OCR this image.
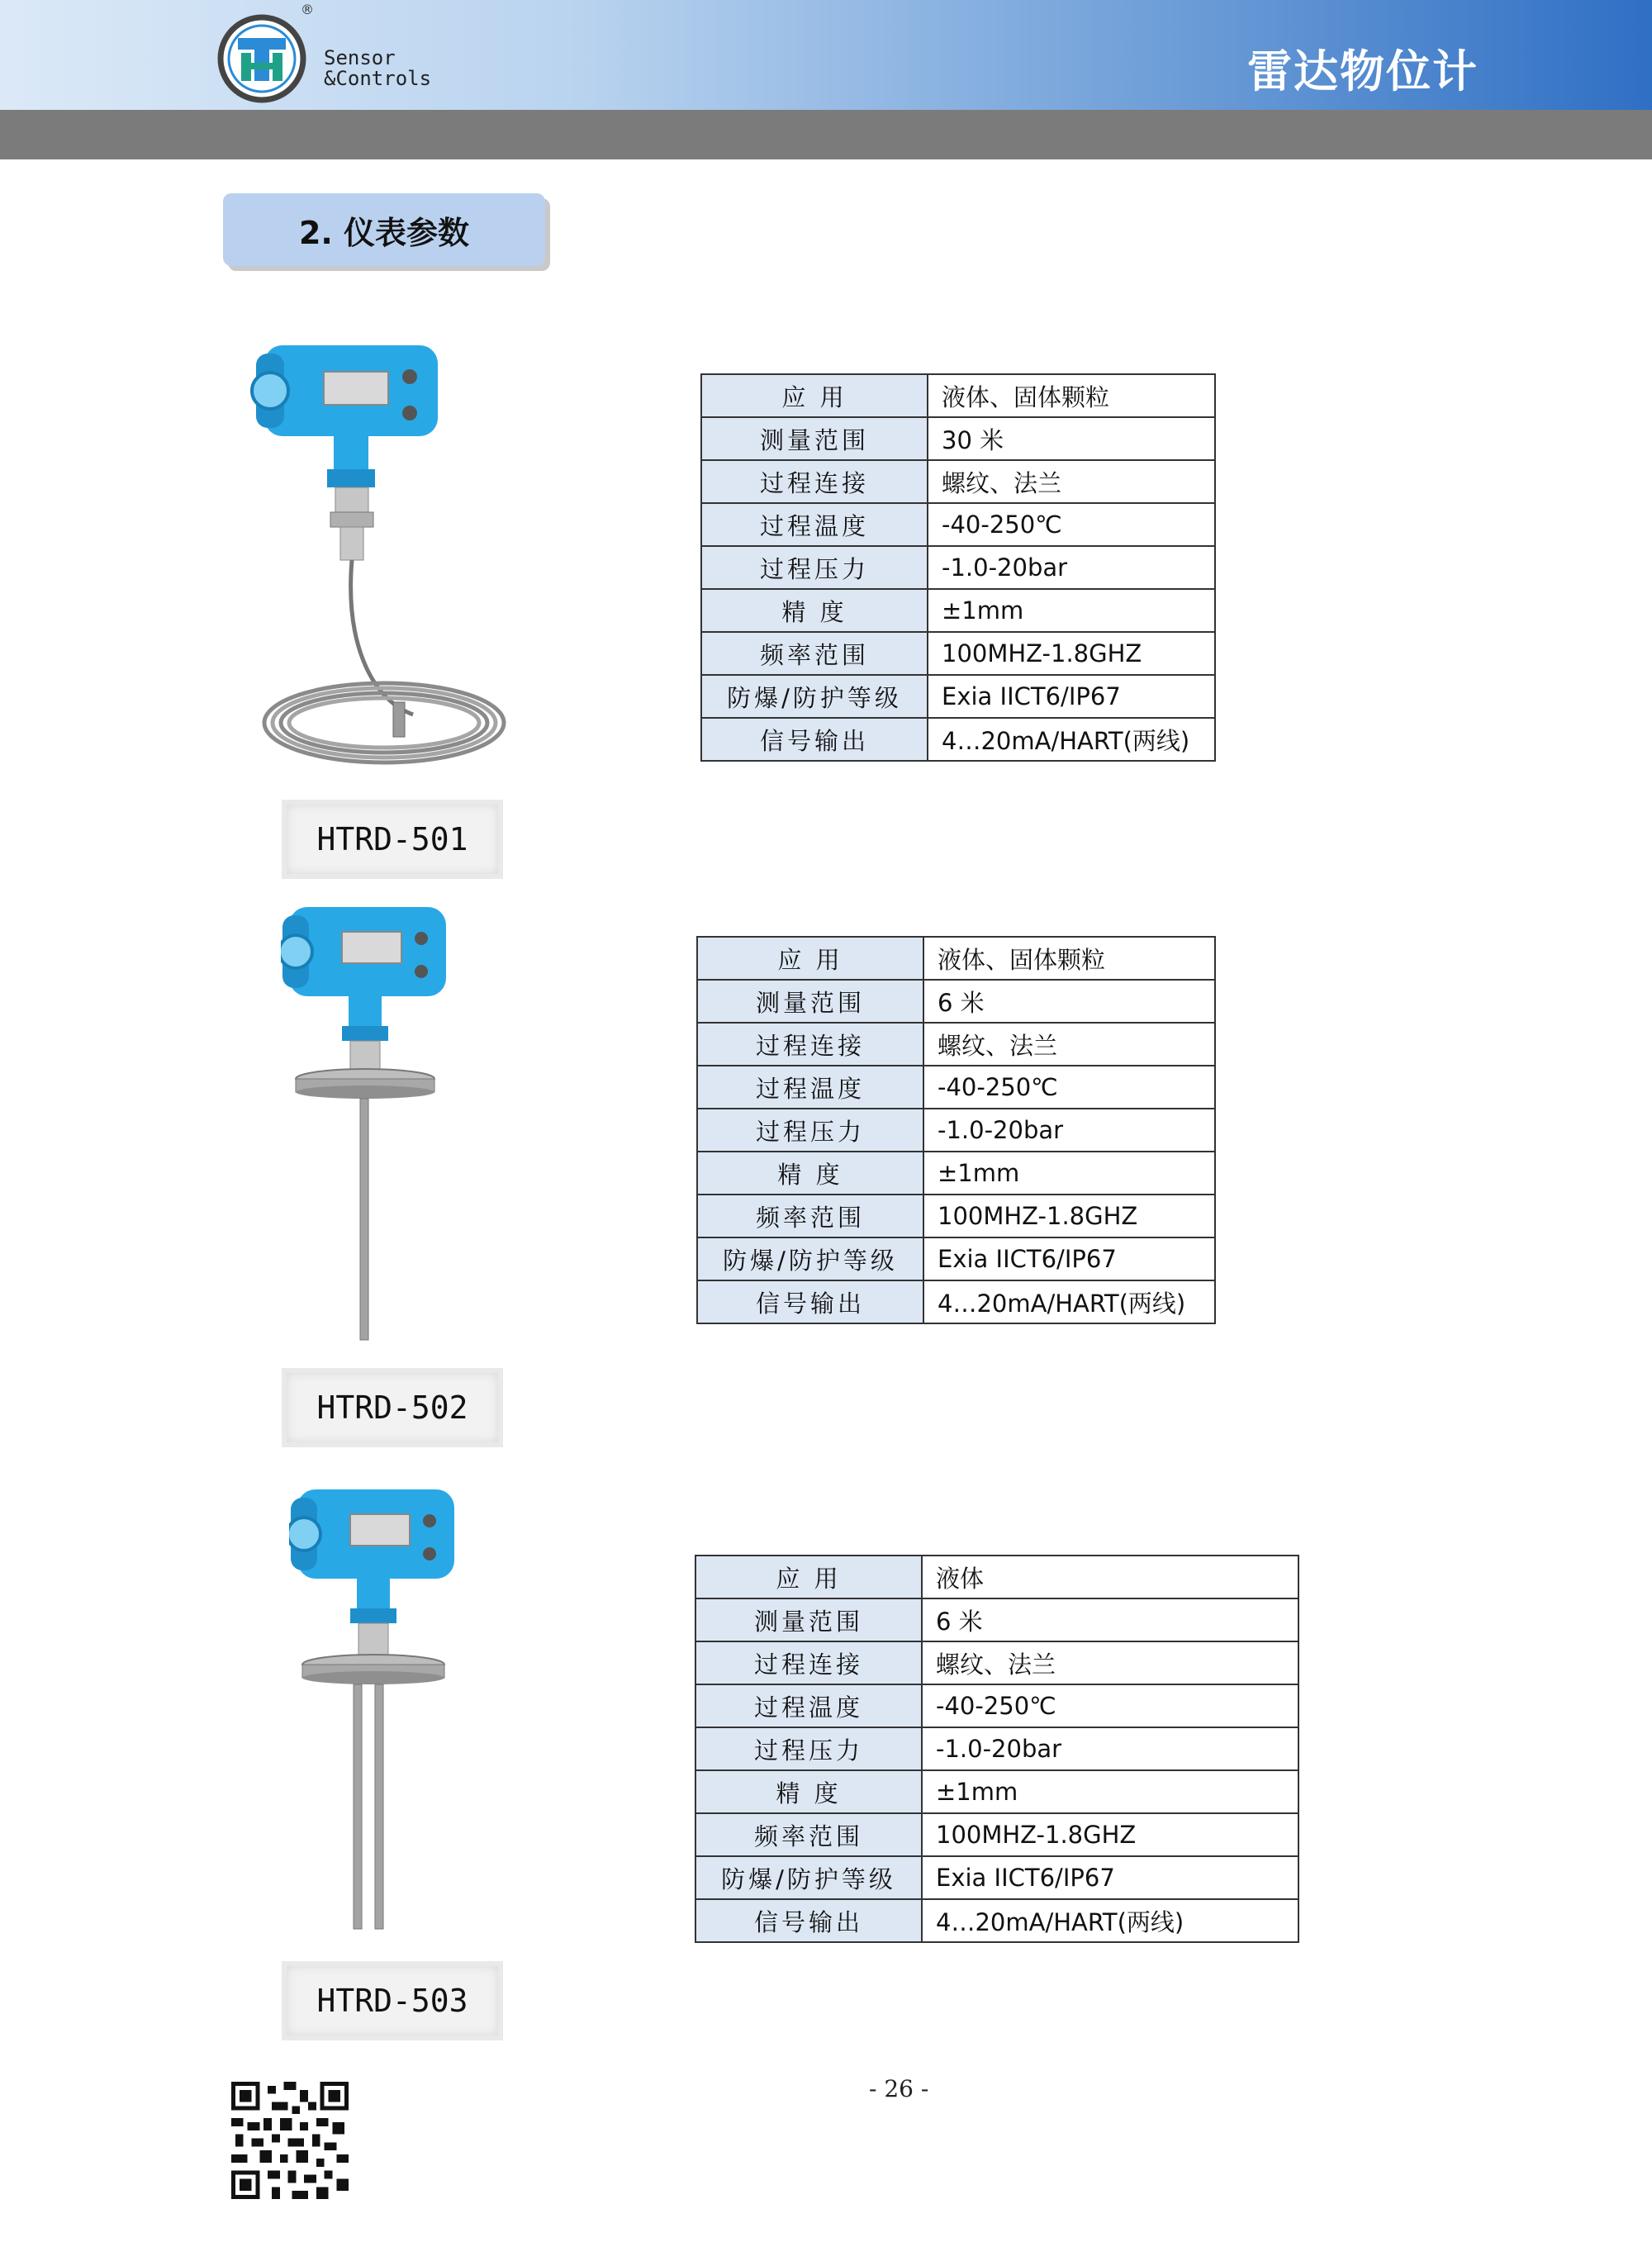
®
Sensor
&Controls	雷达物位计
2. 仪表参数
HTRD-501
应 用	液体、固体颗粒
测量范围	30 米
过程连接	螺纹、法兰
过程温度	-40-250℃
过程压力	-1.0-20bar
精 度	±1mm
频率范围	100MHZ-1.8GHZ
防爆/防护等级	Exia IICT6/IP67
信号输出	4…20mA/HART(两线)
HTRD-502
应 用	液体、固体颗粒
测量范围	6 米
过程连接	螺纹、法兰
过程温度	-40-250℃
过程压力	-1.0-20bar
精 度	±1mm
频率范围	100MHZ-1.8GHZ
防爆/防护等级	Exia IICT6/IP67
信号输出	4…20mA/HART(两线)
HTRD-503
应 用	液体
测量范围	6 米
过程连接	螺纹、法兰
过程温度	-40-250℃
过程压力	-1.0-20bar
精 度	±1mm
频率范围	100MHZ-1.8GHZ
防爆/防护等级	Exia IICT6/IP67
信号输出	4…20mA/HART(两线)
- 26 -
